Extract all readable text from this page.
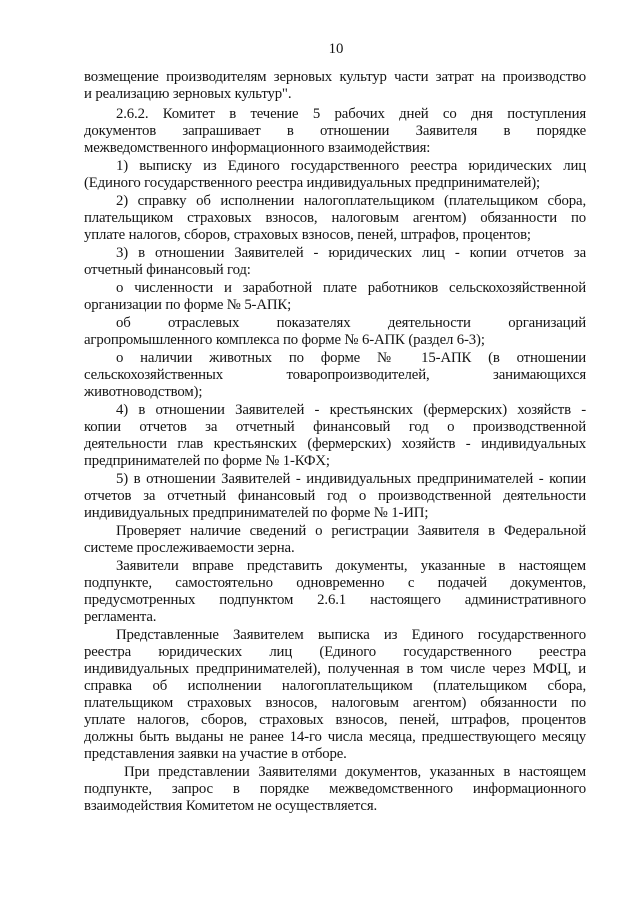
10
возмещение производителям зерновых культур части затрат на производство
и реализацию зерновых культур".
2.6.2. Комитет в течение 5 рабочих дней со дня поступления
документов запрашивает в отношении Заявителя в порядке
межведомственного информационного взаимодействия:
1) выписку из Единого государственного реестра юридических лиц
(Единого государственного реестра индивидуальных предпринимателей);
2) справку об исполнении налогоплательщиком (плательщиком сбора,
плательщиком страховых взносов, налоговым агентом) обязанности по
уплате налогов, сборов, страховых взносов, пеней, штрафов, процентов;
3) в отношении Заявителей - юридических лиц - копии отчетов за
отчетный финансовый год:
о численности и заработной плате работников сельскохозяйственной
организации по форме № 5-АПК;
об отраслевых показателях деятельности организаций
агропромышленного комплекса по форме № 6-АПК (раздел 6-3);
о наличии животных по форме № 15-АПК (в отношении
сельскохозяйственных товаропроизводителей, занимающихся
животноводством);
4) в отношении Заявителей - крестьянских (фермерских) хозяйств -
копии отчетов за отчетный финансовый год о производственной
деятельности глав крестьянских (фермерских) хозяйств - индивидуальных
предпринимателей по форме № 1-КФХ;
5) в отношении Заявителей - индивидуальных предпринимателей - копии
отчетов за отчетный финансовый год о производственной деятельности
индивидуальных предпринимателей по форме № 1-ИП;
Проверяет наличие сведений о регистрации Заявителя в Федеральной
системе прослеживаемости зерна.
Заявители вправе представить документы, указанные в настоящем
подпункте, самостоятельно одновременно с подачей документов,
предусмотренных подпунктом 2.6.1 настоящего административного
регламента.
Представленные Заявителем выписка из Единого государственного
реестра юридических лиц (Единого государственного реестра
индивидуальных предпринимателей), полученная в том числе через МФЦ, и
справка об исполнении налогоплательщиком (плательщиком сбора,
плательщиком страховых взносов, налоговым агентом) обязанности по
уплате налогов, сборов, страховых взносов, пеней, штрафов, процентов
должны быть выданы не ранее 14-го числа месяца, предшествующего месяцу
представления заявки на участие в отборе.
При представлении Заявителями документов, указанных в настоящем
подпункте, запрос в порядке межведомственного информационного
взаимодействия Комитетом не осуществляется.
